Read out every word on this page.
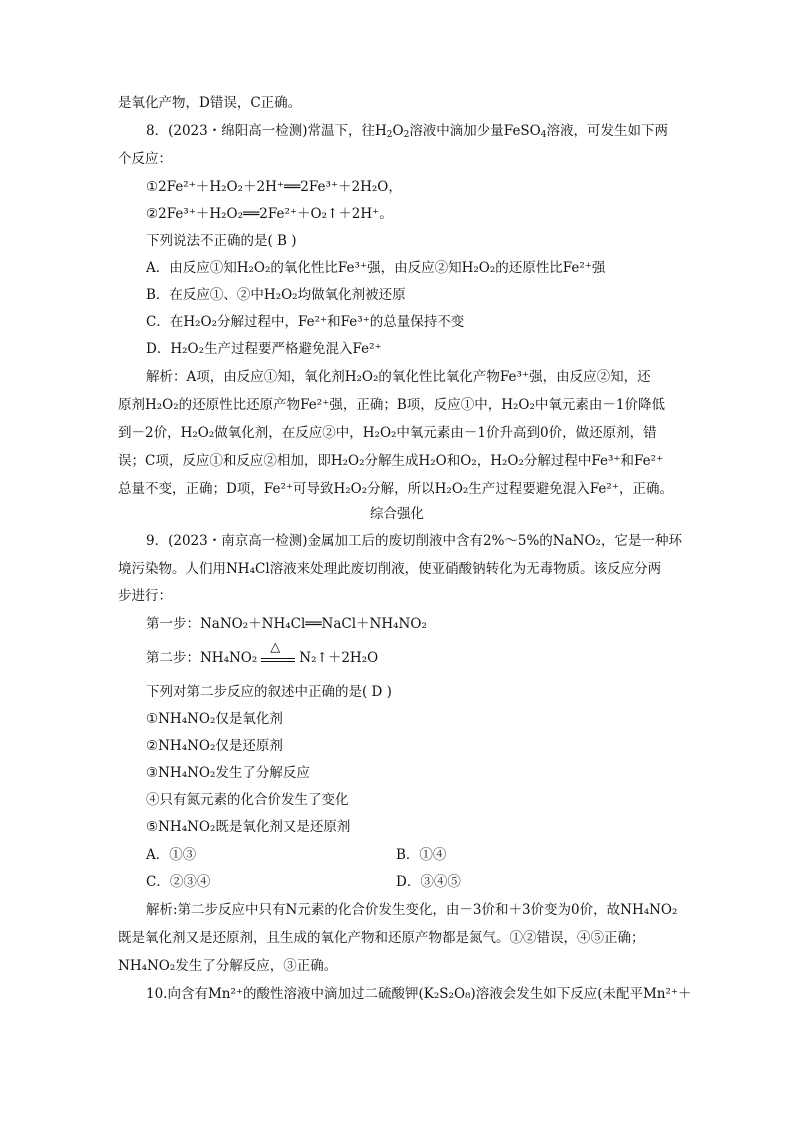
是氧化产物，D错误，C正确。
8．(2023・绵阳高一检测)常温下，往H2O2溶液中滴加少量FeSO4溶液，可发生如下两
个反应：
①2Fe²⁺＋H₂O₂＋2H⁺══2Fe³⁺＋2H₂O，
②2Fe³⁺＋H₂O₂══2Fe²⁺＋O₂↑＋2H⁺。
下列说法不正确的是( B )
A．由反应①知H₂O₂的氧化性比Fe³⁺强，由反应②知H₂O₂的还原性比Fe²⁺强
B．在反应①、②中H₂O₂均做氧化剂被还原
C．在H₂O₂分解过程中，Fe²⁺和Fe³⁺的总量保持不变
D．H₂O₂生产过程要严格避免混入Fe²⁺
解析：A项，由反应①知，氧化剂H₂O₂的氧化性比氧化产物Fe³⁺强，由反应②知，还
原剂H₂O₂的还原性比还原产物Fe²⁺强，正确；B项，反应①中，H₂O₂中氧元素由－1价降低
到－2价，H₂O₂做氧化剂，在反应②中，H₂O₂中氧元素由－1价升高到0价，做还原剂，错
误；C项，反应①和反应②相加，即H₂O₂分解生成H₂O和O₂，H₂O₂分解过程中Fe³⁺和Fe²⁺
总量不变，正确；D项，Fe²⁺可导致H₂O₂分解，所以H₂O₂生产过程要避免混入Fe²⁺，正确。
综合强化
9．(2023・南京高一检测)金属加工后的废切削液中含有2%～5%的NaNO₂，它是一种环
境污染物。人们用NH₄Cl溶液来处理此废切削液，使亚硝酸钠转化为无毒物质。该反应分两
步进行：
第一步：NaNO₂＋NH₄Cl══NaCl＋NH₄NO₂
第二步：NH₄NO₂
△
N₂↑＋2H₂O
下列对第二步反应的叙述中正确的是( D )
①NH₄NO₂仅是氧化剂
②NH₄NO₂仅是还原剂
③NH₄NO₂发生了分解反应
④只有氮元素的化合价发生了变化
⑤NH₄NO₂既是氧化剂又是还原剂
A．①③	B．①④
C．②③④	D．③④⑤
解析:第二步反应中只有N元素的化合价发生变化，由－3价和＋3价变为0价，故NH₄NO₂
既是氧化剂又是还原剂，且生成的氧化产物和还原产物都是氮气。①②错误，④⑤正确；
NH₄NO₂发生了分解反应，③正确。
10.向含有Mn²⁺的酸性溶液中滴加过二硫酸钾(K₂S₂O₈)溶液会发生如下反应(未配平Mn²⁺＋
